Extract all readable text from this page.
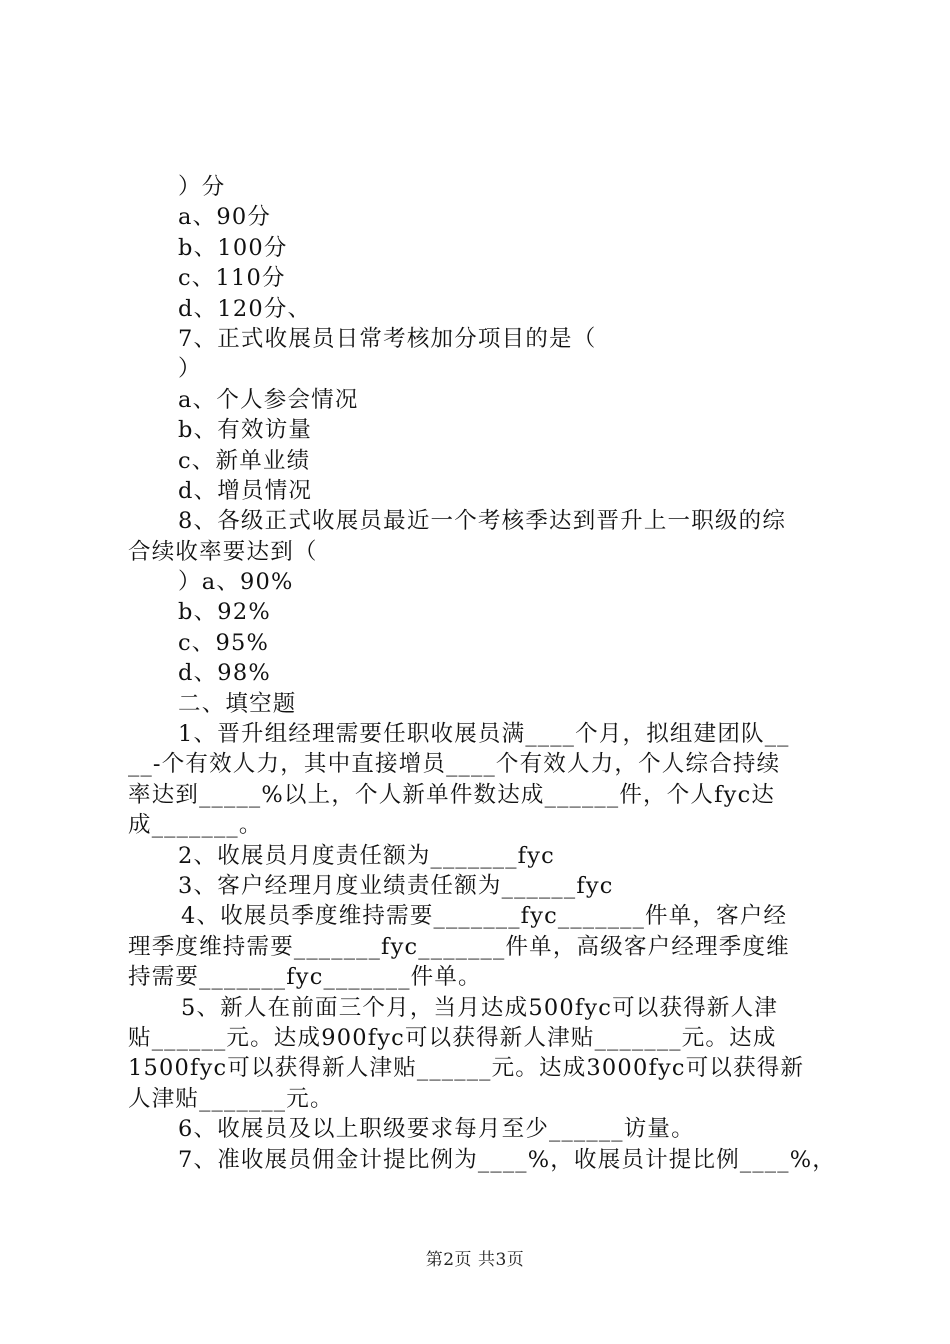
）分
a、90分
b、100分
c、110分
d、120分、
7、正式收展员日常考核加分项目的是（
）
a、个人参会情况
b、有效访量
c、新单业绩
d、增员情况
8、各级正式收展员最近一个考核季达到晋升上一职级的综
合续收率要达到（
）a、90%
b、92%
c、95%
d、98%
二、填空题
1、晋升组经理需要任职收展员满____个月，拟组建团队__
__-个有效人力，其中直接增员____个有效人力，个人综合持续
率达到_____%以上，个人新单件数达成______件，个人fyc达
成_______。
2、收展员月度责任额为_______fyc
3、客户经理月度业绩责任额为______fyc
4、收展员季度维持需要_______fyc_______件单，客户经
理季度维持需要_______fyc_______件单，高级客户经理季度维
持需要_______fyc_______件单。
5、新人在前面三个月，当月达成500fyc可以获得新人津
贴______元。达成900fyc可以获得新人津贴_______元。达成
1500fyc可以获得新人津贴______元。达成3000fyc可以获得新
人津贴_______元。
6、收展员及以上职级要求每月至少______访量。
7、准收展员佣金计提比例为____%，收展员计提比例____%，
第2页 共3页
